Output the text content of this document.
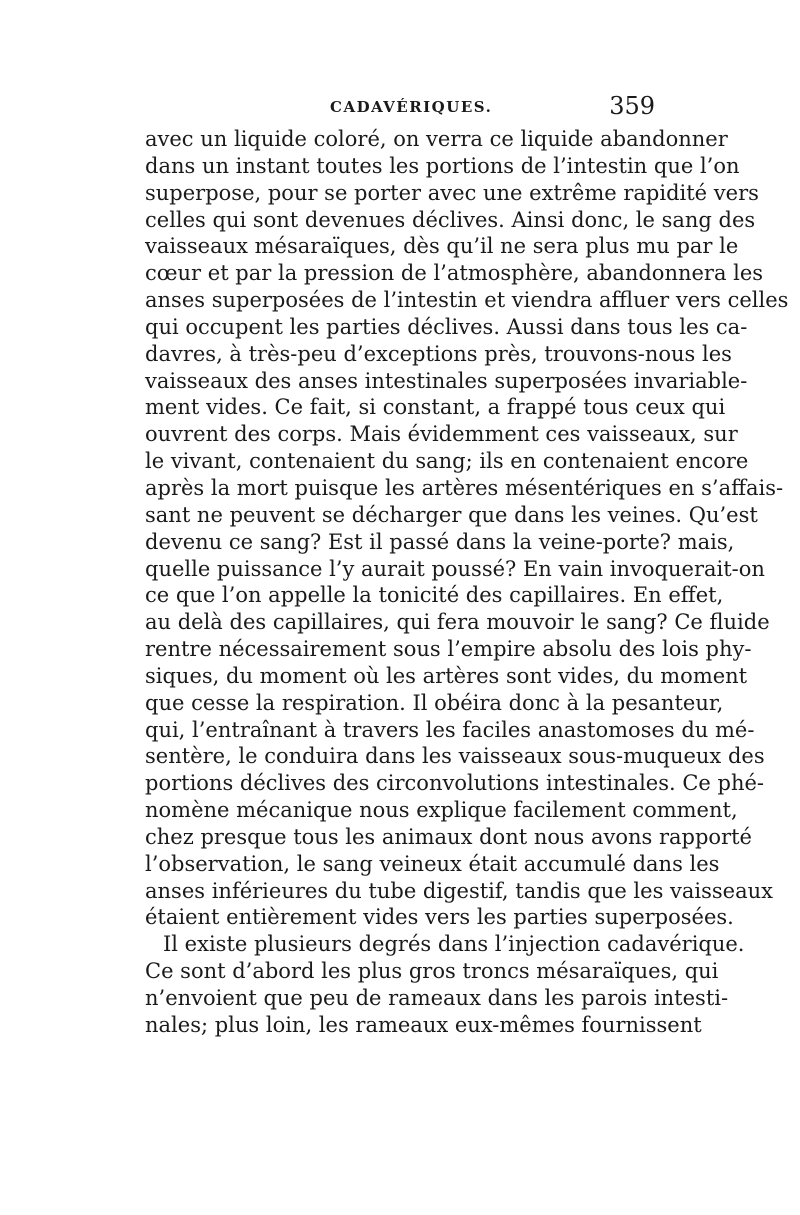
CADAVÉRIQUES.	359
avec un liquide coloré, on verra ce liquide abandonner
dans un instant toutes les portions de l’intestin que l’on
superpose, pour se porter avec une extrême rapidité vers
celles qui sont devenues déclives. Ainsi donc, le sang des
vaisseaux mésaraïques, dès qu’il ne sera plus mu par le
cœur et par la pression de l’atmosphère, abandonnera les
anses superposées de l’intestin et viendra affluer vers celles
qui occupent les parties déclives. Aussi dans tous les ca-
davres, à très-peu d’exceptions près, trouvons-nous les
vaisseaux des anses intestinales superposées invariable-
ment vides. Ce fait, si constant, a frappé tous ceux qui
ouvrent des corps. Mais évidemment ces vaisseaux, sur
le vivant, contenaient du sang; ils en contenaient encore
après la mort puisque les artères mésentériques en s’affais-
sant ne peuvent se décharger que dans les veines. Qu’est
devenu ce sang? Est il passé dans la veine-porte? mais,
quelle puissance l’y aurait poussé? En vain invoquerait-on
ce que l’on appelle la tonicité des capillaires. En effet,
au delà des capillaires, qui fera mouvoir le sang? Ce fluide
rentre nécessairement sous l’empire absolu des lois phy-
siques, du moment où les artères sont vides, du moment
que cesse la respiration. Il obéira donc à la pesanteur,
qui, l’entraînant à travers les faciles anastomoses du mé-
sentère, le conduira dans les vaisseaux sous-muqueux des
portions déclives des circonvolutions intestinales. Ce phé-
nomène mécanique nous explique facilement comment,
chez presque tous les animaux dont nous avons rapporté
l’observation, le sang veineux était accumulé dans les
anses inférieures du tube digestif, tandis que les vaisseaux
étaient entièrement vides vers les parties superposées.
Il existe plusieurs degrés dans l’injection cadavérique.
Ce sont d’abord les plus gros troncs mésaraïques, qui
n’envoient que peu de rameaux dans les parois intesti-
nales; plus loin, les rameaux eux-mêmes fournissent
